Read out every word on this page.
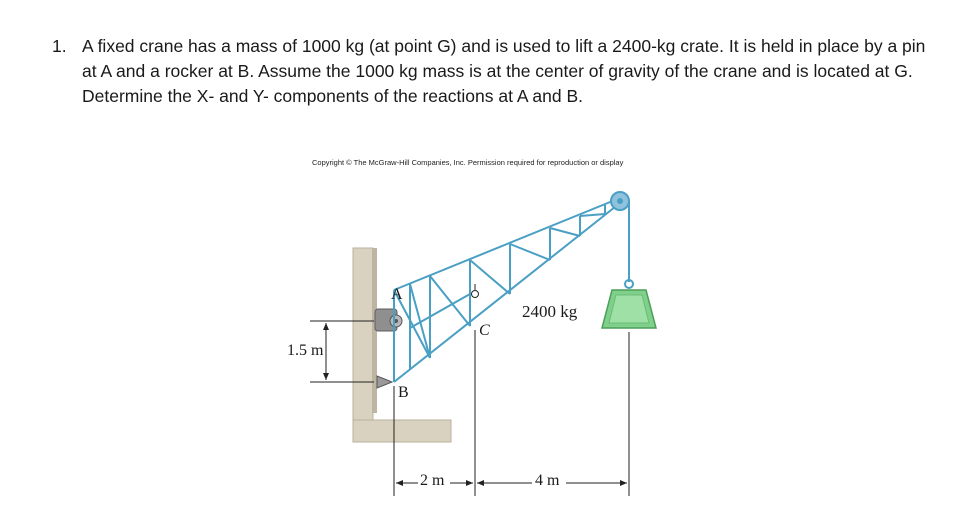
1. A fixed crane has a mass of 1000 kg (at point G) and is used to lift a 2400-kg crate. It is held in place by a pin at A and a rocker at B. Assume the 1000 kg mass is at the center of gravity of the crane and is located at G. Determine the X- and Y- components of the reactions at A and B.
Copyright © The McGraw-Hill Companies, Inc. Permission required for reproduction or display
A
B
C
2400 kg
1.5 m
2 m	4 m
